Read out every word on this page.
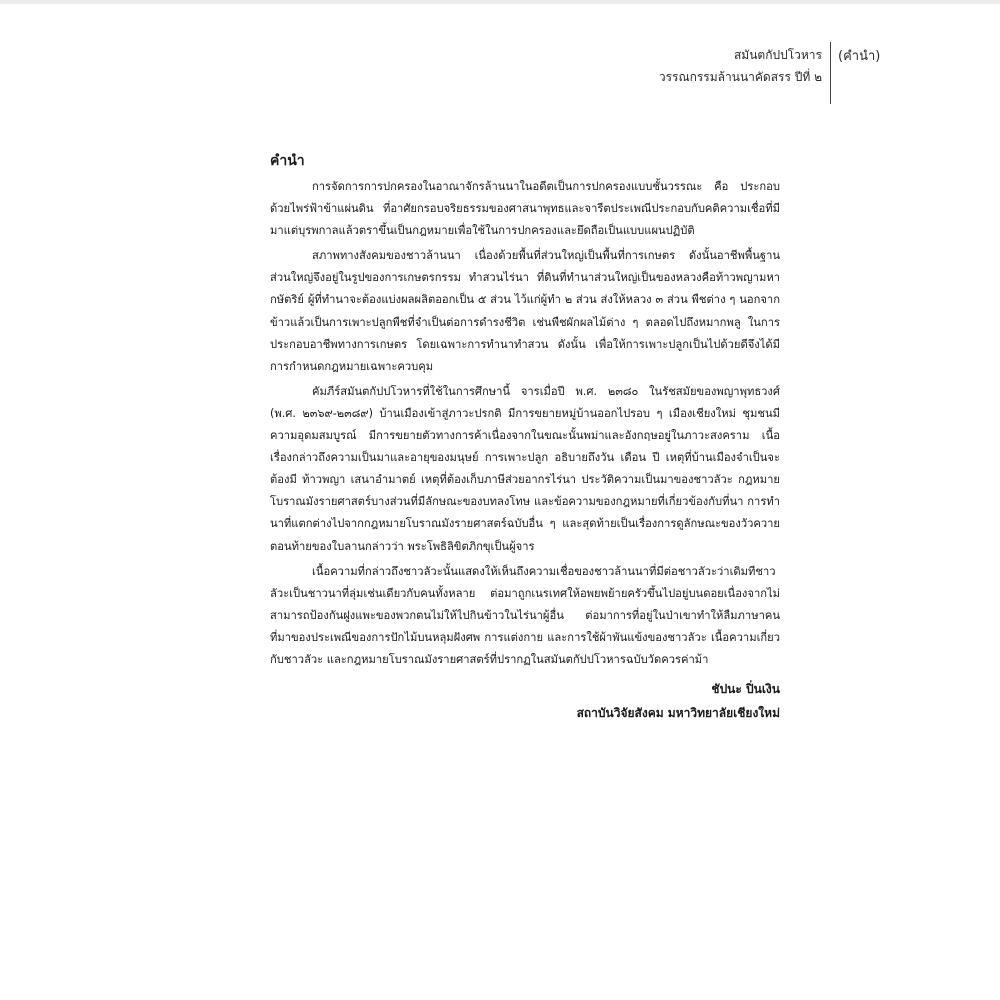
สมันตกัปปโวหาร
วรรณกรรมล้านนาคัดสรร ปีที่ ๒
(คำนำ)
คำนำ

การจัดการการปกครองในอาณาจักรล้านนาในอดีตเป็นการปกครองแบบชั้นวรรณะ คือ ประกอบด้วยไพร่ฟ้าข้าแผ่นดิน ที่อาศัยกรอบจริยธรรมของศาสนาพุทธและจารีตประเพณีประกอบกับคติความเชื่อที่มีมาแต่บุรพกาลแล้วตราขึ้นเป็นกฎหมายเพื่อใช้ในการปกครองและยึดถือเป็นแบบแผนปฏิบัติ

สภาพทางสังคมของชาวล้านนา เนื่องด้วยพื้นที่ส่วนใหญ่เป็นพื้นที่การเกษตร ดังนั้นอาชีพพื้นฐานส่วนใหญ่จึงอยู่ในรูปของการเกษตรกรรม ทำสวนไร่นา ที่ดินที่ทำนาส่วนใหญ่เป็นของหลวงคือท้าวพญามหากษัตริย์ ผู้ที่ทำนาจะต้องแบ่งผลผลิตออกเป็น ๕ ส่วน ไว้แก่ผู้ทำ ๒ ส่วน ส่งให้หลวง ๓ ส่วน พืชต่าง ๆ นอกจากข้าวแล้วเป็นการเพาะปลูกพืชที่จำเป็นต่อการดำรงชีวิต เช่นพืชผักผลไม้ต่าง ๆ ตลอดไปถึงหมากพลู ในการประกอบอาชีพทางการเกษตร โดยเฉพาะการทำนาทำสวน ดังนั้น เพื่อให้การเพาะปลูกเป็นไปด้วยดีจึงได้มีการกำหนดกฎหมายเฉพาะควบคุม

คัมภีร์สมันตกัปปโวหารที่ใช้ในการศึกษานี้ จารเมื่อปี พ.ศ. ๒๓๘๐ ในรัชสมัยของพญาพุทธวงศ์ (พ.ศ. ๒๓๖๙-๒๓๘๙) บ้านเมืองเข้าสู่ภาวะปรกติ มีการขยายหมู่บ้านออกไปรอบ ๆ เมืองเชียงใหม่ ชุมชนมีความอุดมสมบูรณ์ มีการขยายตัวทางการค้าเนื่องจากในขณะนั้นพม่าและอังกฤษอยู่ในภาวะสงคราม เนื้อเรื่องกล่าวถึงความเป็นมาและอายุของมนุษย์ การเพาะปลูก อธิบายถึงวัน เดือน ปี เหตุที่บ้านเมืองจำเป็นจะต้องมี ท้าวพญา เสนาอำมาตย์ เหตุที่ต้องเก็บภาษีส่วยอากรไร่นา ประวัติความเป็นมาของชาวลัวะ กฎหมายโบราณมังรายศาสตร์บางส่วนที่มีลักษณะของบทลงโทษ และข้อความของกฎหมายที่เกี่ยวข้องกับที่นา การทำนาที่แตกต่างไปจากกฎหมายโบราณมังรายศาสตร์ฉบับอื่น ๆ และสุดท้ายเป็นเรื่องการดูลักษณะของวัวควาย ตอนท้ายของใบลานกล่าวว่า พระโพธิลิขิตภิกขุเป็นผู้จาร

เนื้อความที่กล่าวถึงชาวลัวะนั้นแสดงให้เห็นถึงความเชื่อของชาวล้านนาที่มีต่อชาวลัวะว่าเดิมทีชาวลัวะเป็นชาวนาที่ลุ่มเช่นเดียวกับคนทั้งหลาย ต่อมาถูกเนรเทศให้อพยพย้ายครัวขึ้นไปอยู่บนดอยเนื่องจากไม่สามารถป้องกันฝูงแพะของพวกตนไม่ให้ไปกินข้าวในไร่นาผู้อื่น ต่อมาการที่อยู่ในป่าเขาทำให้ลืมภาษาคน ที่มาของประเพณีของการปักไม้บนหลุมฝังศพ การแต่งกาย และการใช้ผ้าพันแข้งของชาวลัวะ เนื้อความเกี่ยวกับชาวลัวะ และกฎหมายโบราณมังรายศาสตร์ที่ปรากฏในสมันตกัปปโวหารฉบับวัดควรค่าม้า

ชัปนะ ปิ่นเงิน
สถาบันวิจัยสังคม มหาวิทยาลัยเชียงใหม่
